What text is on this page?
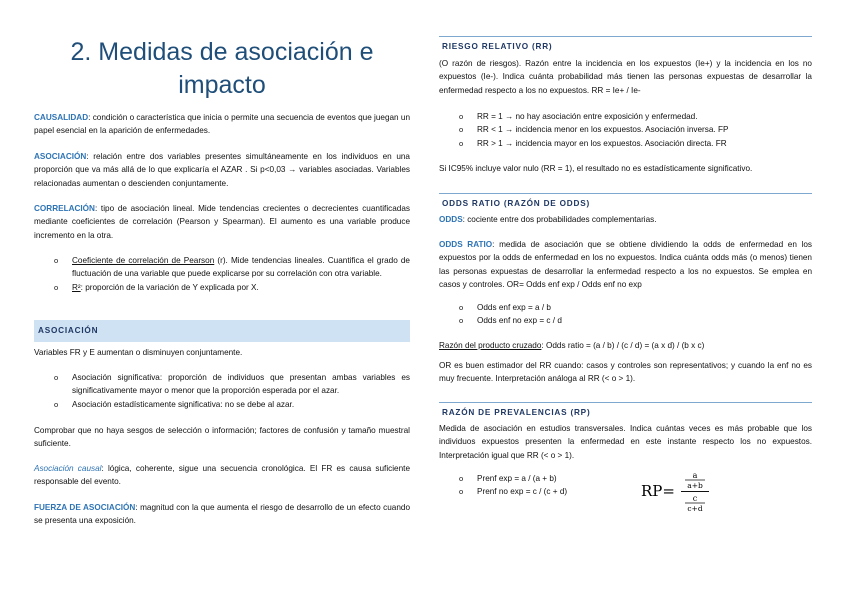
2. Medidas de asociación e
impacto

CAUSALIDAD: condición o característica que inicia o permite una secuencia de eventos que juegan un papel esencial en la aparición de enfermedades.

ASOCIACIÓN: relación entre dos variables presentes simultáneamente en los individuos en una proporción que va más allá de lo que explicaría el AZAR . Si p<0,03 → variables asociadas. Variables relacionadas aumentan o descienden conjuntamente.

CORRELACIÓN: tipo de asociación lineal. Mide tendencias crecientes o decrecientes cuantificadas mediante coeficientes de correlación (Pearson y Spearman). El aumento es una variable produce incremento en la otra.

o Coeficiente de correlación de Pearson (r). Mide tendencias lineales. Cuantifica el grado de fluctuación de una variable que puede explicarse por su correlación con otra variable.
o R²: proporción de la variación de Y explicada por X.
ASOCIACIÓN

Variables FR y E aumentan o disminuyen conjuntamente.

o Asociación significativa: proporción de individuos que presentan ambas variables es significativamente mayor o menor que la proporción esperada por el azar.
o Asociación estadísticamente significativa: no se debe al azar.

Comprobar que no haya sesgos de selección o información; factores de confusión y tamaño muestral suficiente.

Asociación causal: lógica, coherente, sigue una secuencia cronológica. El FR es causa suficiente responsable del evento.

FUERZA DE ASOCIACIÓN: magnitud con la que aumenta el riesgo de desarrollo de un efecto cuando se presenta una exposición.

RIESGO RELATIVO (RR)

(O razón de riesgos). Razón entre la incidencia en los expuestos (Ie+) y la incidencia en los no expuestos (Ie-). Indica cuánta probabilidad más tienen las personas expuestas de desarrollar la enfermedad respecto a los no expuestos. RR = Ie+ / Ie-

o RR = 1 → no hay asociación entre exposición y enfermedad.
o RR < 1 → incidencia menor en los expuestos. Asociación inversa. FP
o RR > 1 → incidencia mayor en los expuestos. Asociación directa. FR

Si IC95% incluye valor nulo (RR = 1), el resultado no es estadísticamente significativo.

ODDS RATIO (RAZÓN DE ODDS)

ODDS: cociente entre dos probabilidades complementarias.

ODDS RATIO: medida de asociación que se obtiene dividiendo la odds de enfermedad en los expuestos por la odds de enfermedad en los no expuestos. Indica cuánta odds más (o menos) tienen las personas expuestas de desarrollar la enfermedad respecto a los no expuestos. Se emplea en casos y controles. OR= Odds enf exp / Odds enf no exp

o Odds enf exp = a / b
o Odds enf no exp = c / d

Razón del producto cruzado: Odds ratio = (a / b) / (c / d) = (a x d) / (b x c)

OR es buen estimador del RR cuando: casos y controles son representativos; y cuando la enf no es muy frecuente. Interpretación análoga al RR (< o > 1).

RAZÓN DE PREVALENCIAS (RP)

Medida de asociación en estudios transversales. Indica cuántas veces es más probable que los individuos expuestos presenten la enfermedad en este instante respecto los no expuestos. Interpretación igual que RR (< o > 1).

o Prenf exp = a / (a + b)
o Prenf no exp = c / (c + d)	RP=
a
a+b
c
c+d
